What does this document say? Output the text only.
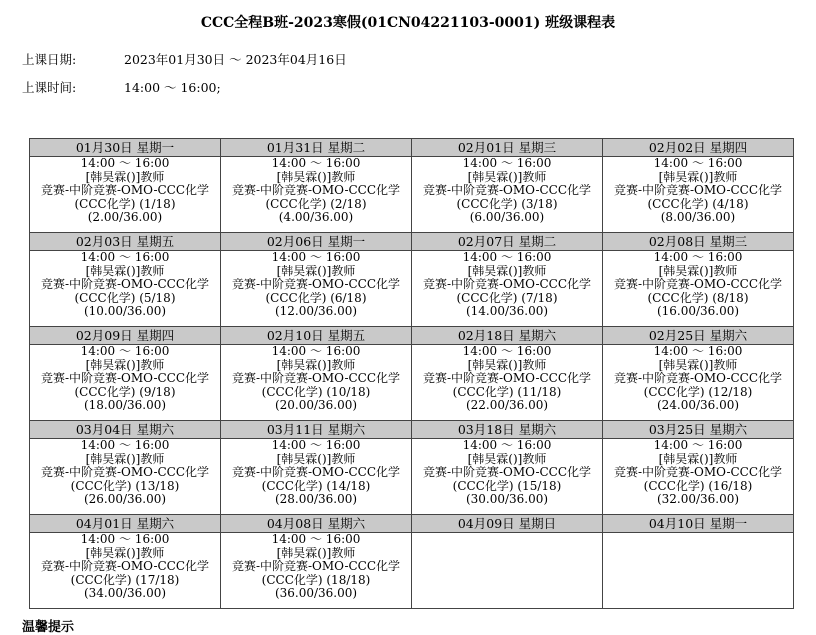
CCC全程B班-2023寒假(01CN04221103-0001) 班级课程表
上课日期:	2023年01月30日 ～ 2023年04月16日
上课时间:	14:00 ～ 16:00;
01月30日 星期一	01月31日 星期二	02月01日 星期三	02月02日 星期四

14:00 ～ 16:00
[韩昊霖()]教师
竞赛-中阶竞赛-OMO-CCC化学
(CCC化学) (1/18)
(2.00/36.00)	14:00 ～ 16:00
[韩昊霖()]教师
竞赛-中阶竞赛-OMO-CCC化学
(CCC化学) (2/18)
(4.00/36.00)	14:00 ～ 16:00
[韩昊霖()]教师
竞赛-中阶竞赛-OMO-CCC化学
(CCC化学) (3/18)
(6.00/36.00)	14:00 ～ 16:00
[韩昊霖()]教师
竞赛-中阶竞赛-OMO-CCC化学
(CCC化学) (4/18)
(8.00/36.00)

02月03日 星期五	02月06日 星期一	02月07日 星期二	02月08日 星期三

14:00 ～ 16:00
[韩昊霖()]教师
竞赛-中阶竞赛-OMO-CCC化学
(CCC化学) (5/18)
(10.00/36.00)	14:00 ～ 16:00
[韩昊霖()]教师
竞赛-中阶竞赛-OMO-CCC化学
(CCC化学) (6/18)
(12.00/36.00)	14:00 ～ 16:00
[韩昊霖()]教师
竞赛-中阶竞赛-OMO-CCC化学
(CCC化学) (7/18)
(14.00/36.00)	14:00 ～ 16:00
[韩昊霖()]教师
竞赛-中阶竞赛-OMO-CCC化学
(CCC化学) (8/18)
(16.00/36.00)

02月09日 星期四	02月10日 星期五	02月18日 星期六	02月25日 星期六

14:00 ～ 16:00
[韩昊霖()]教师
竞赛-中阶竞赛-OMO-CCC化学
(CCC化学) (9/18)
(18.00/36.00)	14:00 ～ 16:00
[韩昊霖()]教师
竞赛-中阶竞赛-OMO-CCC化学
(CCC化学) (10/18)
(20.00/36.00)	14:00 ～ 16:00
[韩昊霖()]教师
竞赛-中阶竞赛-OMO-CCC化学
(CCC化学) (11/18)
(22.00/36.00)	14:00 ～ 16:00
[韩昊霖()]教师
竞赛-中阶竞赛-OMO-CCC化学
(CCC化学) (12/18)
(24.00/36.00)

03月04日 星期六	03月11日 星期六	03月18日 星期六	03月25日 星期六

14:00 ～ 16:00
[韩昊霖()]教师
竞赛-中阶竞赛-OMO-CCC化学
(CCC化学) (13/18)
(26.00/36.00)	14:00 ～ 16:00
[韩昊霖()]教师
竞赛-中阶竞赛-OMO-CCC化学
(CCC化学) (14/18)
(28.00/36.00)	14:00 ～ 16:00
[韩昊霖()]教师
竞赛-中阶竞赛-OMO-CCC化学
(CCC化学) (15/18)
(30.00/36.00)	14:00 ～ 16:00
[韩昊霖()]教师
竞赛-中阶竞赛-OMO-CCC化学
(CCC化学) (16/18)
(32.00/36.00)

04月01日 星期六	04月08日 星期六	04月09日 星期日	04月10日 星期一

14:00 ～ 16:00
[韩昊霖()]教师
竞赛-中阶竞赛-OMO-CCC化学
(CCC化学) (17/18)
(34.00/36.00)	14:00 ～ 16:00
[韩昊霖()]教师
竞赛-中阶竞赛-OMO-CCC化学
(CCC化学) (18/18)
(36.00/36.00)		

温馨提示
